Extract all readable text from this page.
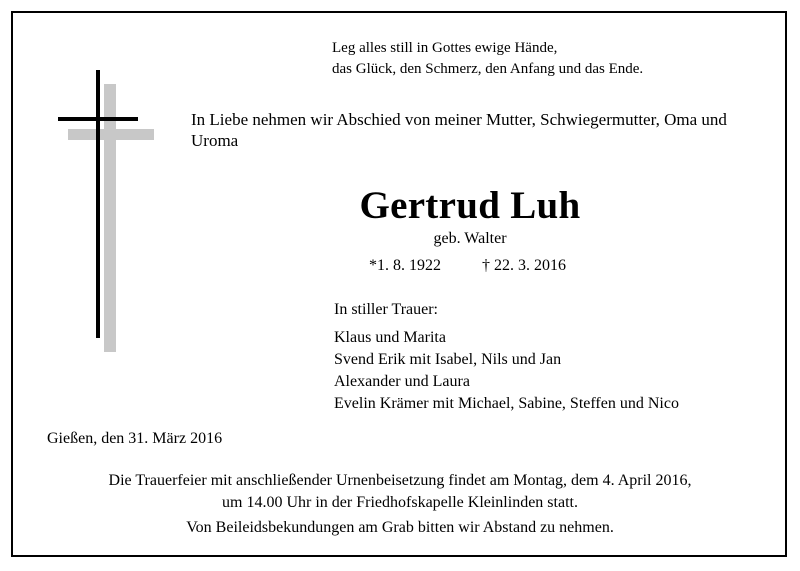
Leg alles still in Gottes ewige Hände,
das Glück, den Schmerz, den Anfang und das Ende.
In Liebe nehmen wir Abschied von meiner Mutter, Schwiegermutter, Oma und Uroma
Gertrud Luh
geb. Walter
*1. 8. 1922	† 22. 3. 2016
In stiller Trauer:
Klaus und Marita
Svend Erik mit Isabel, Nils und Jan
Alexander und Laura
Evelin Krämer mit Michael, Sabine, Steffen und Nico
Gießen, den 31. März 2016
Die Trauerfeier mit anschließender Urnenbeisetzung findet am Montag, dem 4. April 2016,
um 14.00 Uhr in der Friedhofskapelle Kleinlinden statt.
Von Beileidsbekundungen am Grab bitten wir Abstand zu nehmen.
